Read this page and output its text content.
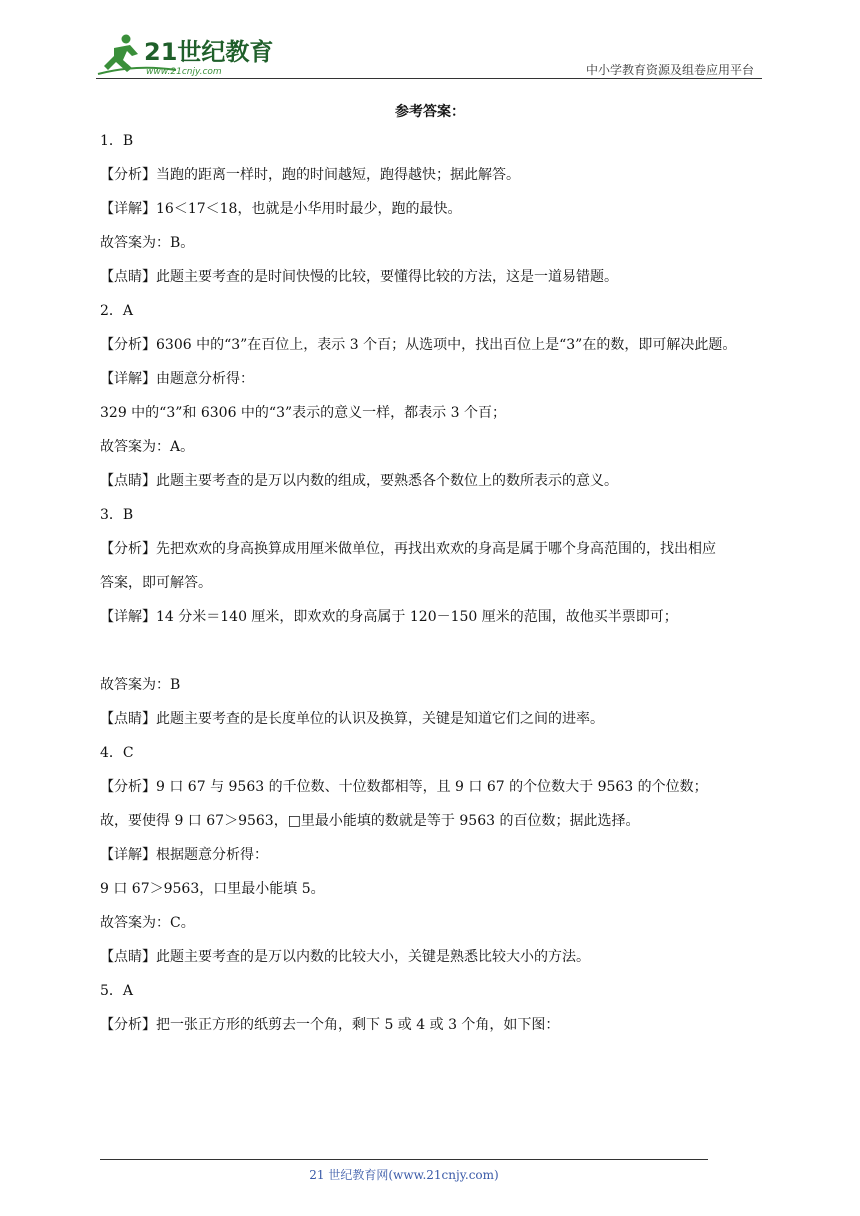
21世纪教育
www.21cnjy.com	中小学教育资源及组卷应用平台
参考答案：
1．B
【分析】当跑的距离一样时，跑的时间越短，跑得越快；据此解答。
【详解】16＜17＜18，也就是小华用时最少，跑的最快。
故答案为：B。
【点睛】此题主要考查的是时间快慢的比较，要懂得比较的方法，这是一道易错题。
2．A
【分析】6306 中的“3”在百位上，表示 3 个百；从选项中，找出百位上是“3”在的数，即可解决此题。
【详解】由题意分析得：
329 中的“3”和 6306 中的“3”表示的意义一样，都表示 3 个百；
故答案为：A。
【点睛】此题主要考查的是万以内数的组成，要熟悉各个数位上的数所表示的意义。
3．B
【分析】先把欢欢的身高换算成用厘米做单位，再找出欢欢的身高是属于哪个身高范围的，找出相应
答案，即可解答。
【详解】14 分米＝140 厘米，即欢欢的身高属于 120－150 厘米的范围，故他买半票即可；
故答案为：B
【点睛】此题主要考查的是长度单位的认识及换算，关键是知道它们之间的进率。
4．C
【分析】9 口 67 与 9563 的千位数、十位数都相等，且 9 口 67 的个位数大于 9563 的个位数；
故，要使得 9 口 67＞9563，□里最小能填的数就是等于 9563 的百位数；据此选择。
【详解】根据题意分析得：
9 口 67＞9563，口里最小能填 5。
故答案为：C。
【点睛】此题主要考查的是万以内数的比较大小，关键是熟悉比较大小的方法。
5．A
【分析】把一张正方形的纸剪去一个角，剩下 5 或 4 或 3 个角，如下图：
21 世纪教育网(www.21cnjy.com)
